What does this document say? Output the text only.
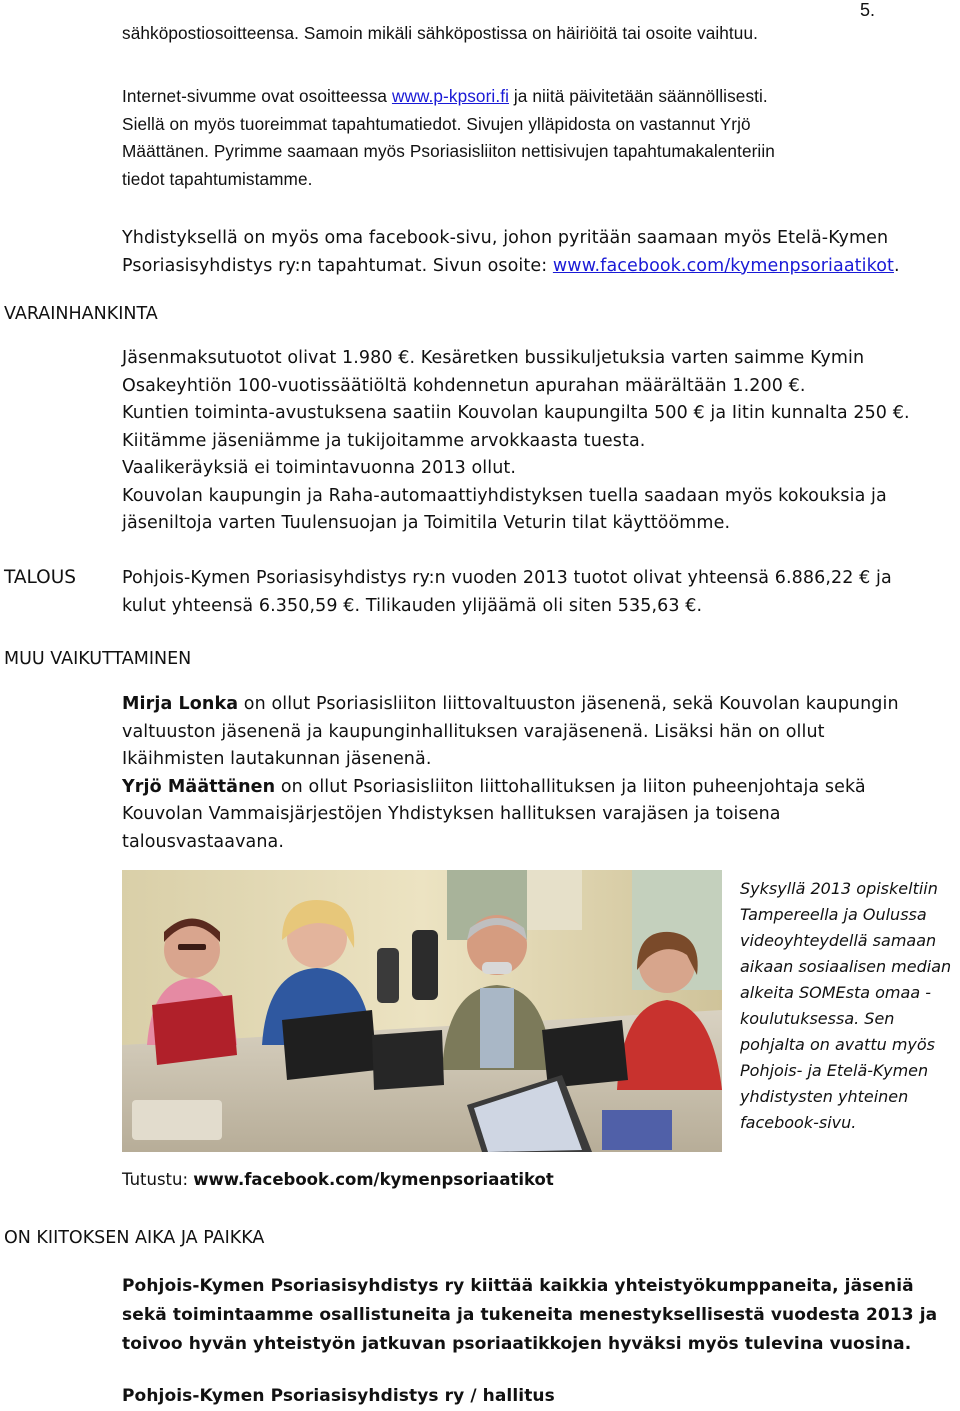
5.
sähköpostiosoitteensa. Samoin mikäli sähköpostissa on häiriöitä tai osoite vaihtuu.
Internet-sivumme ovat osoitteessa www.p-kpsori.fi ja niitä päivitetään säännöllisesti.
Siellä on myös tuoreimmat tapahtumatiedot. Sivujen ylläpidosta on vastannut Yrjö
Määttänen. Pyrimme saamaan myös Psoriasisliiton nettisivujen tapahtumakalenteriin
tiedot tapahtumistamme.
Yhdistyksellä on myös oma facebook-sivu, johon pyritään saamaan myös Etelä-Kymen
Psoriasisyhdistys ry:n tapahtumat. Sivun osoite: www.facebook.com/kymenpsoriaatikot.
VARAINHANKINTA
Jäsenmaksutuotot olivat 1.980 €. Kesäretken bussikuljetuksia varten saimme Kymin
Osakeyhtiön 100-vuotissäätiöltä kohdennetun apurahan määrältään 1.200 €.
Kuntien toiminta-avustuksena saatiin Kouvolan kaupungilta 500 € ja Iitin kunnalta 250 €.
Kiitämme jäseniämme ja tukijoitamme arvokkaasta tuesta.
Vaalikeräyksiä ei toimintavuonna 2013 ollut.
Kouvolan kaupungin ja Raha-automaattiyhdistyksen tuella saadaan myös kokouksia ja
jäseniltoja varten Tuulensuojan ja Toimitila Veturin tilat käyttöömme.
TALOUS	Pohjois-Kymen Psoriasisyhdistys ry:n vuoden 2013 tuotot olivat yhteensä 6.886,22 € ja
kulut yhteensä 6.350,59 €. Tilikauden ylijäämä oli siten 535,63 €.
MUU VAIKUTTAMINEN
Mirja Lonka on ollut Psoriasisliiton liittovaltuuston jäsenenä, sekä Kouvolan kaupungin
valtuuston jäsenenä ja kaupunginhallituksen varajäsenenä. Lisäksi hän on ollut
Ikäihmisten lautakunnan jäsenenä.
Yrjö Määttänen on ollut Psoriasisliiton liittohallituksen ja liiton puheenjohtaja sekä
Kouvolan Vammaisjärjestöjen Yhdistyksen hallituksen varajäsen ja toisena
talousvastaavana.
Syksyllä 2013 opiskeltiin
Tampereella ja Oulussa
videoyhteydellä samaan
aikaan sosiaalisen median
alkeita SOMEsta omaa -
koulutuksessa. Sen
pohjalta on avattu myös
Pohjois- ja Etelä-Kymen
yhdistysten yhteinen
facebook-sivu.
Tutustu: www.facebook.com/kymenpsoriaatikot
ON KIITOKSEN AIKA JA PAIKKA
Pohjois-Kymen Psoriasisyhdistys ry kiittää kaikkia yhteistyökumppaneita, jäseniä
sekä toimintaamme osallistuneita ja tukeneita menestyksellisestä vuodesta 2013 ja
toivoo hyvän yhteistyön jatkuvan psoriaatikkojen hyväksi myös tulevina vuosina.
Pohjois-Kymen Psoriasisyhdistys ry / hallitus
